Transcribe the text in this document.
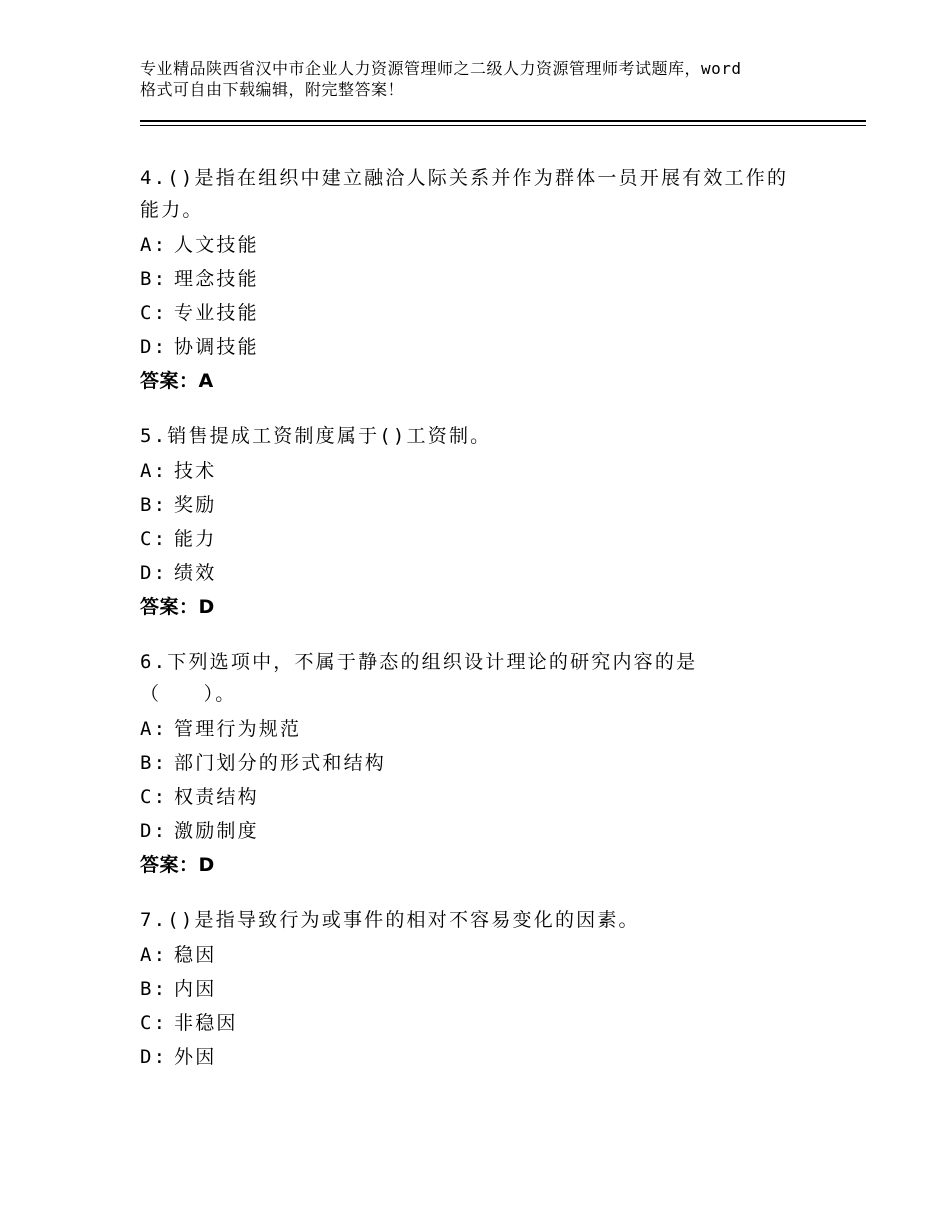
专业精品陕西省汉中市企业人力资源管理师之二级人力资源管理师考试题库，word
格式可自由下载编辑，附完整答案！
4.()是指在组织中建立融洽人际关系并作为群体一员开展有效工作的
能力。
A: 人文技能
B: 理念技能
C: 专业技能
D: 协调技能
答案：A
5.销售提成工资制度属于()工资制。
A: 技术
B: 奖励
C: 能力
D: 绩效
答案：D
6.下列选项中，不属于静态的组织设计理论的研究内容的是
（　　）。
A: 管理行为规范
B: 部门划分的形式和结构
C: 权责结构
D: 激励制度
答案：D
7.()是指导致行为或事件的相对不容易变化的因素。
A: 稳因
B: 内因
C: 非稳因
D: 外因
